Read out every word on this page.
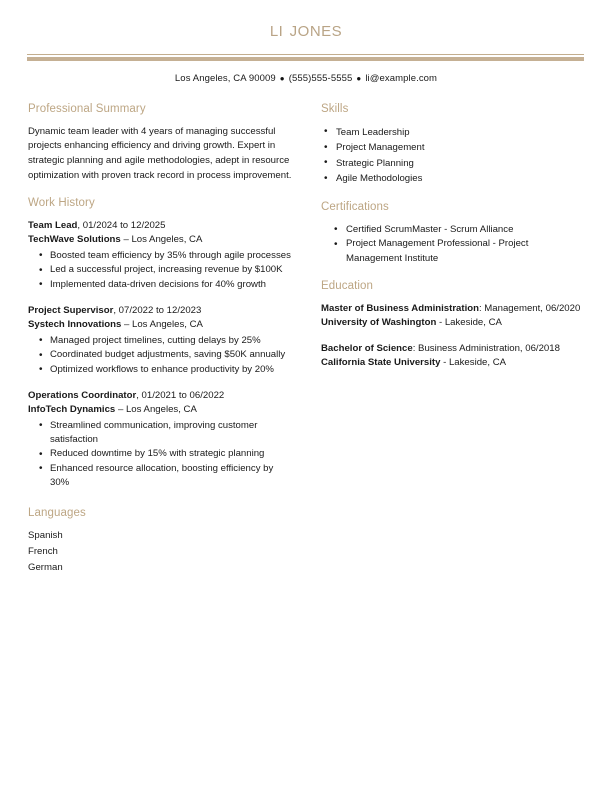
li jones
Los Angeles, CA 90009 ● (555)555-5555 ● li@example.com
Professional Summary

Dynamic team leader with 4 years of managing successful projects enhancing efficiency and driving growth. Expert in strategic planning and agile methodologies, adept in resource optimization with proven track record in process improvement.

Work History
Team Lead, 01/2024 to 12/2025
TechWave Solutions – Los Angeles, CA
• Boosted team efficiency by 35% through agile processes
• Led a successful project, increasing revenue by $100K
• Implemented data-driven decisions for 40% growth
Project Supervisor, 07/2022 to 12/2023
Systech Innovations – Los Angeles, CA
• Managed project timelines, cutting delays by 25%
• Coordinated budget adjustments, saving $50K annually
• Optimized workflows to enhance productivity by 20%
Operations Coordinator, 01/2021 to 06/2022
InfoTech Dynamics – Los Angeles, CA
• Streamlined communication, improving customer satisfaction
• Reduced downtime by 15% with strategic planning
• Enhanced resource allocation, boosting efficiency by 30%
Languages
Spanish
French
German
Skills
• Team Leadership
• Project Management
• Strategic Planning
• Agile Methodologies
Certifications
• Certified ScrumMaster - Scrum Alliance
• Project Management Professional - Project Management Institute
Education
Master of Business Administration: Management, 06/2020
University of Washington - Lakeside, CA
Bachelor of Science: Business Administration, 06/2018
California State University - Lakeside, CA
